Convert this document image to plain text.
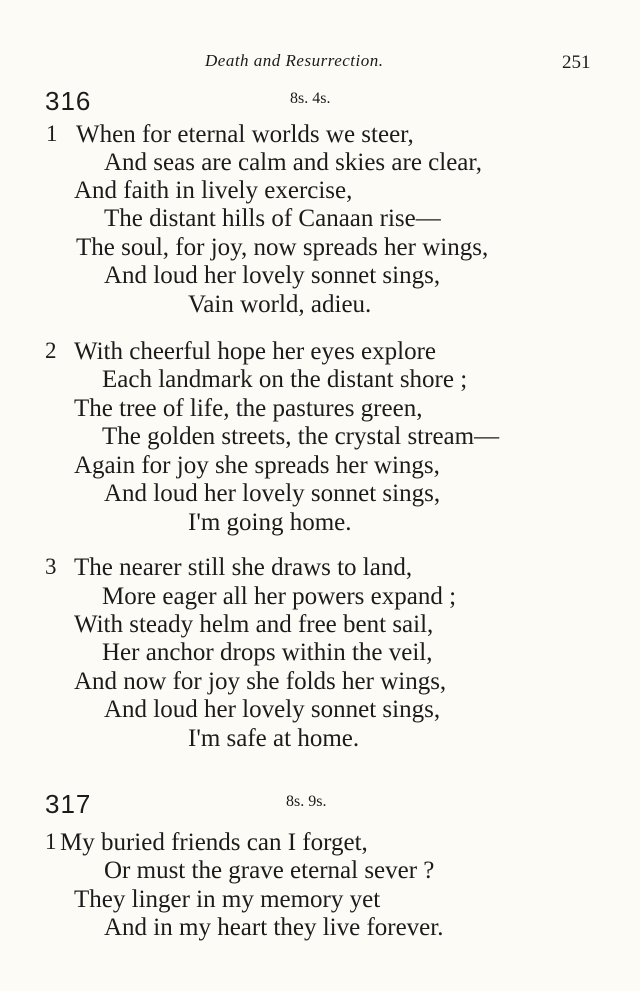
Death and Resurrection.	251
316	8s. 4s.
1 When for eternal worlds we steer,
And seas are calm and skies are clear,
And faith in lively exercise,
The distant hills of Canaan rise—
The soul, for joy, now spreads her wings,
And loud her lovely sonnet sings,
Vain world, adieu.
2 With cheerful hope her eyes explore
Each landmark on the distant shore ;
The tree of life, the pastures green,
The golden streets, the crystal stream—
Again for joy she spreads her wings,
And loud her lovely sonnet sings,
I'm going home.
3 The nearer still she draws to land,
More eager all her powers expand ;
With steady helm and free bent sail,
Her anchor drops within the veil,
And now for joy she folds her wings,
And loud her lovely sonnet sings,
I'm safe at home.
317	8s. 9s.
1 My buried friends can I forget,
Or must the grave eternal sever ?
They linger in my memory yet
And in my heart they live forever.
